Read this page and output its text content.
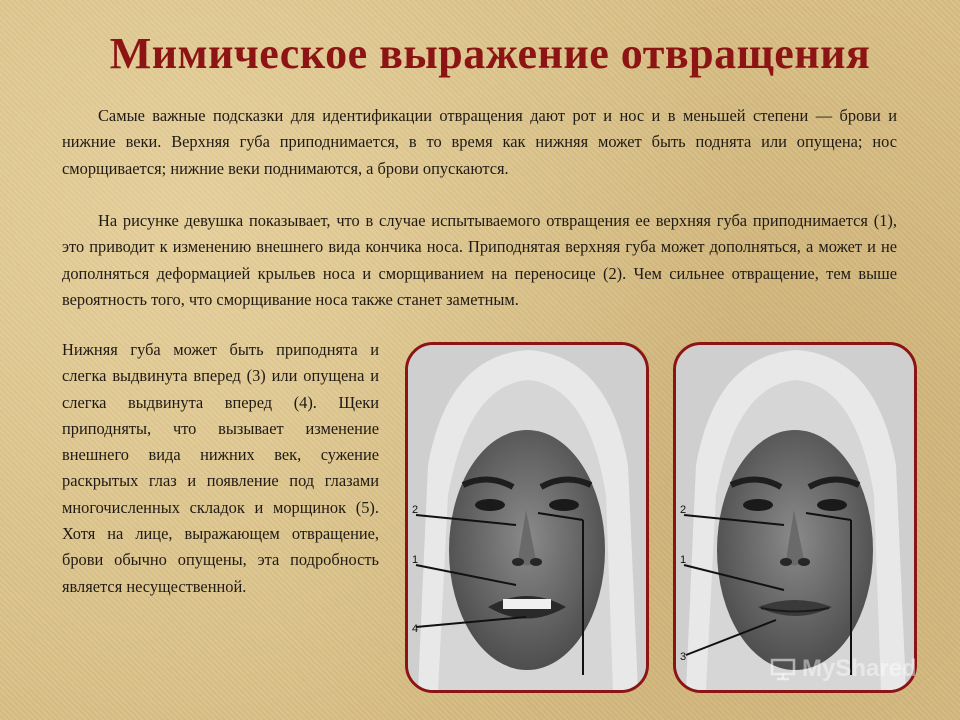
Мимическое выражение отвращения
Самые важные подсказки для идентификации отвращения дают рот и нос и в меньшей степени — брови и нижние веки. Верхняя губа приподнимается, в то время как нижняя может быть поднята или опущена; нос сморщивается; нижние веки поднимаются, а брови опускаются.
На рисунке девушка показывает, что в случае испытываемого отвращения ее верхняя губа приподнимается (1), это приводит к изменению внешнего вида кончика носа. Приподнятая верхняя губа может дополняться, а может и не дополняться деформацией крыльев носа и сморщиванием на переносице (2). Чем сильнее отвращение, тем выше вероятность того, что сморщивание носа также станет заметным.
Нижняя губа может быть приподнята и слегка выдвинута вперед (3) или опущена и слегка выдвинута вперед (4). Щеки приподняты, что вызывает изменение внешнего вида нижних век, сужение раскрытых глаз и появление под глазами многочисленных складок и морщинок (5). Хотя на лице, выражающем отвращение, брови обычно опущены, эта подробность является несущественной.
2
1
4
2
1
3	MyShared
